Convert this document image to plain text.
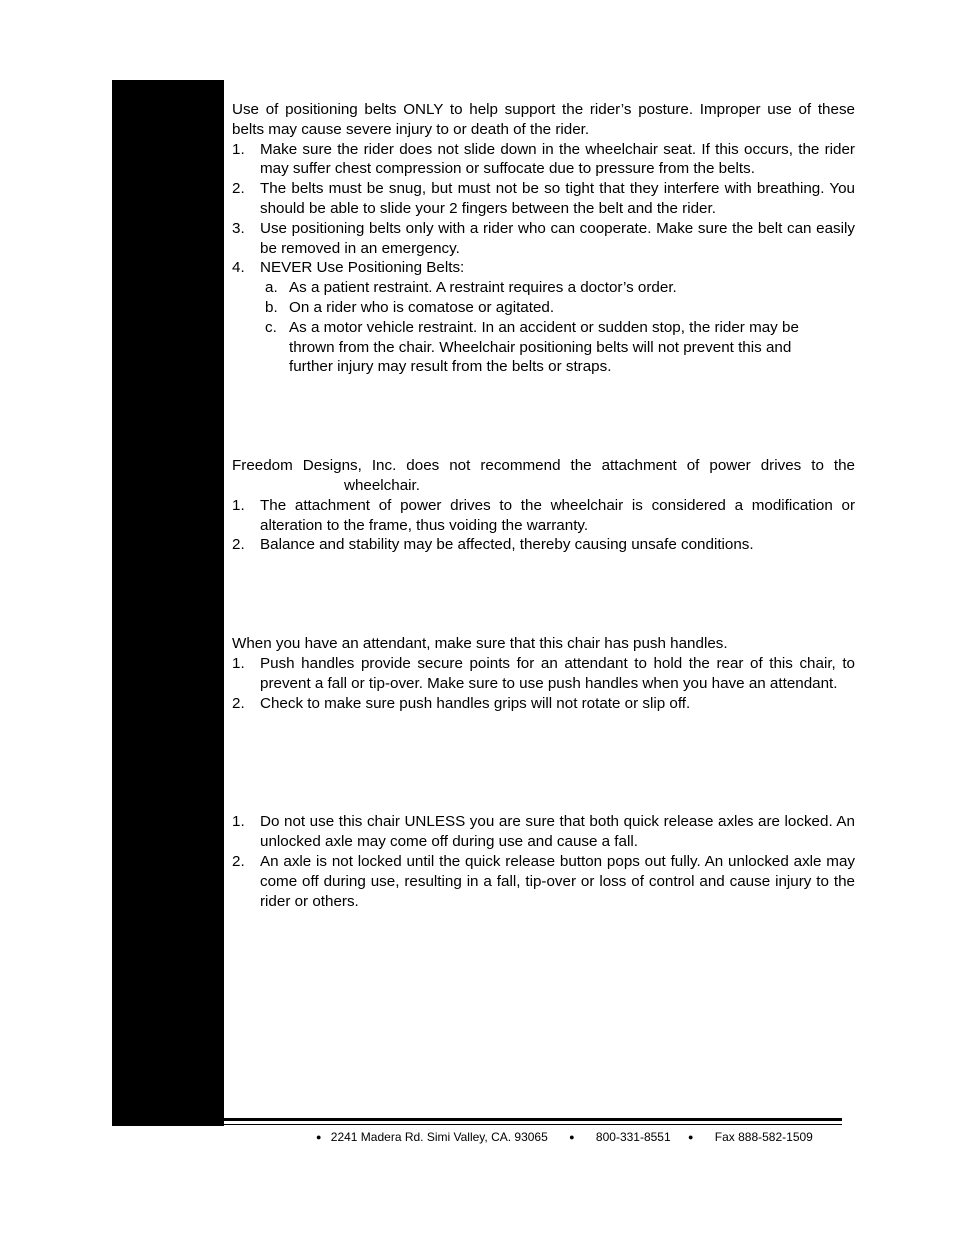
Use of positioning belts ONLY to help support the rider’s posture. Improper use of these belts may cause severe injury to or death of the rider.

1. Make sure the rider does not slide down in the wheelchair seat. If this occurs, the rider may suffer chest compression or suffocate due to pressure from the belts.
2. The belts must be snug, but must not be so tight that they interfere with breathing. You should be able to slide your 2 fingers between the belt and the rider.
3. Use positioning belts only with a rider who can cooperate. Make sure the belt can easily be removed in an emergency.
4. NEVER Use Positioning Belts:
a. As a patient restraint. A restraint requires a doctor’s order.
b. On a rider who is comatose or agitated.
c. As a motor vehicle restraint. In an accident or sudden stop, the rider may be thrown from the chair. Wheelchair positioning belts will not prevent this and further injury may result from the belts or straps.

Freedom Designs, Inc. does not recommend the attachment of power drives to the wheelchair.

1. The attachment of power drives to the wheelchair is considered a modification or alteration to the frame, thus voiding the warranty.
2. Balance and stability may be affected, thereby causing unsafe conditions.

When you have an attendant, make sure that this chair has push handles.

1. Push handles provide secure points for an attendant to hold the rear of this chair, to prevent a fall or tip-over. Make sure to use push handles when you have an attendant.
2. Check to make sure push handles grips will not rotate or slip off.
1. Do not use this chair UNLESS you are sure that both quick release axles are locked. An unlocked axle may come off during use and cause a fall.
2. An axle is not locked until the quick release button pops out fully. An unlocked axle may come off during use, resulting in a fall, tip-over or loss of control and cause injury to the rider or others.
● 2241 Madera Rd. Simi Valley, CA. 93065 ● 800-331-8551 ● Fax 888-582-1509
